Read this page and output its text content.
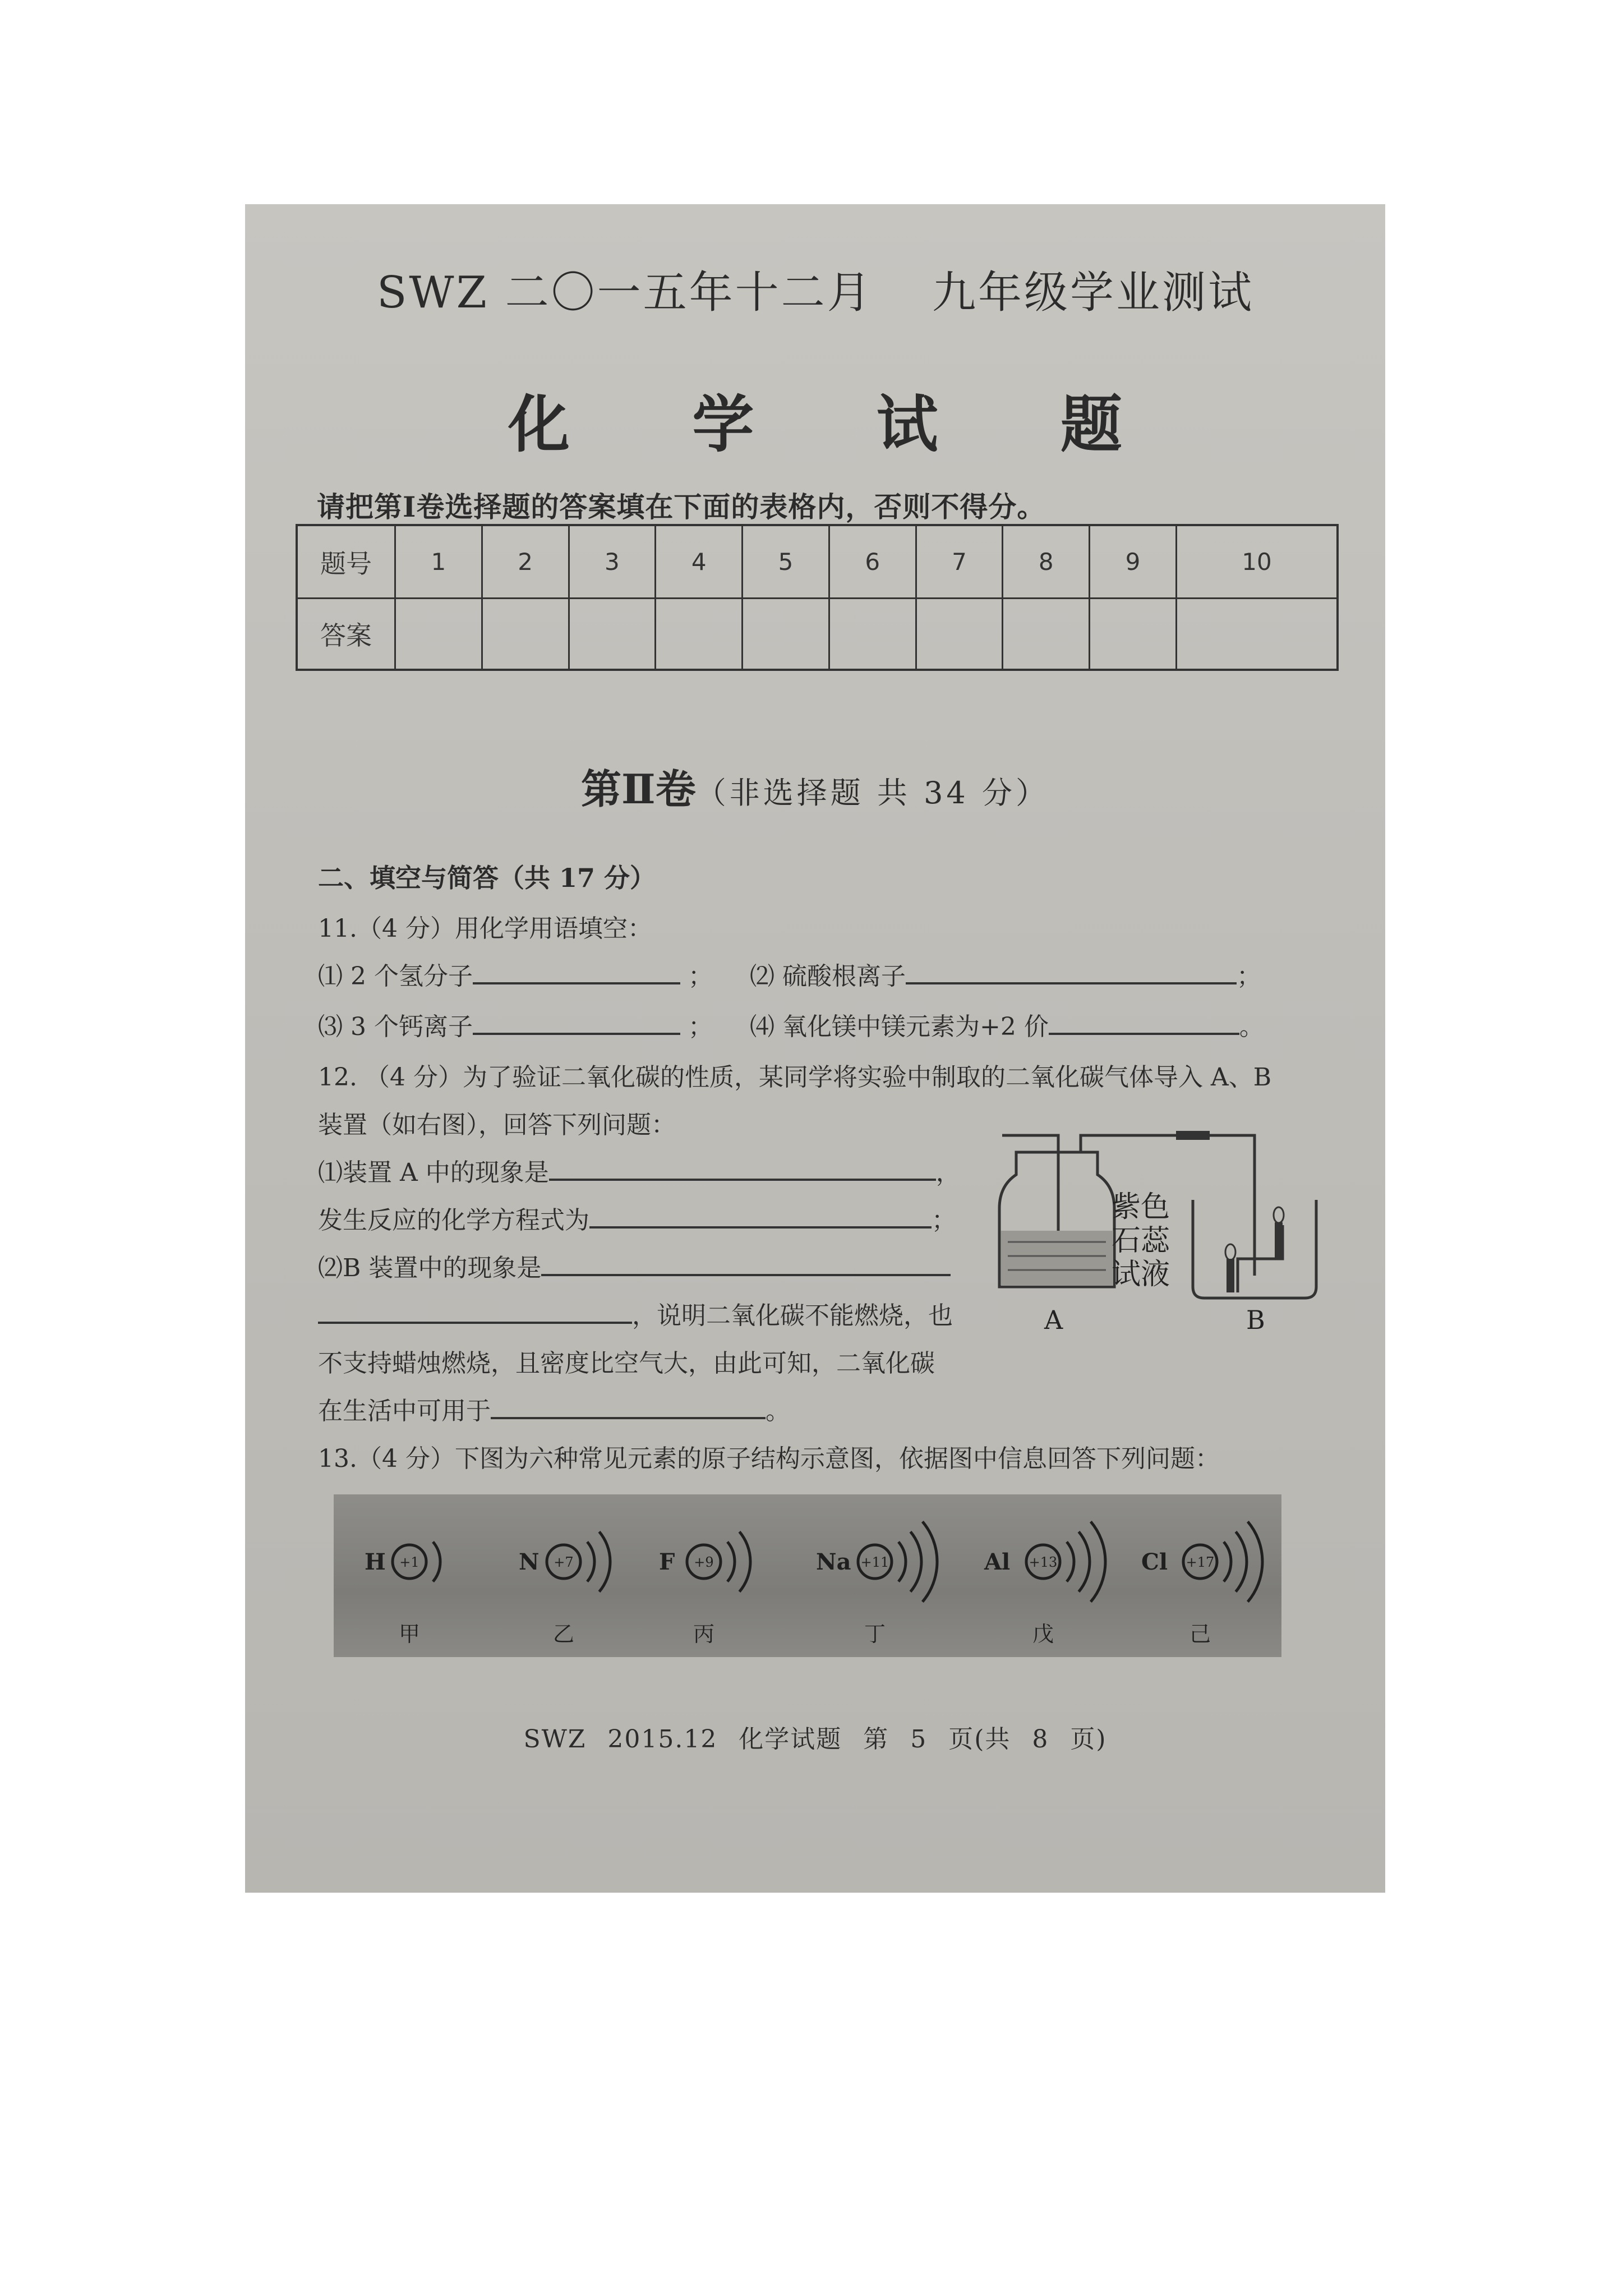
SWZ 二〇一五年十二月 九年级学业测试
化 学 试 题
请把第Ⅰ卷选择题的答案填在下面的表格内，否则不得分。
题号	1	2	3	4	5	6	7	8	9	10
答案										
第Ⅱ卷（非选择题 共 34 分）
二、填空与简答（共 17 分）
11.（4 分）用化学用语填空：
⑴ 2 个氢分子	； ⑵ 硫酸根离子	；
⑶ 3 个钙离子	； ⑷ 氧化镁中镁元素为+2 价	。
12. （4 分）为了验证二氧化碳的性质，某同学将实验中制取的二氧化碳气体导入 A、B
装置（如右图），回答下列问题：
⑴装置 A 中的现象是	，
发生反应的化学方程式为	；
⑵B 装置中的现象是
，说明二氧化碳不能燃烧，也
不支持蜡烛燃烧，且密度比空气大，由此可知，二氧化碳
在生活中可用于	。
紫色
石蕊
试液
A	B
13.（4 分）下图为六种常见元素的原子结构示意图，依据图中信息回答下列问题：
H +1
甲
N +7
乙
F +9
丙
Na +11
丁
Al +13
戊
Cl +17
己
SWZ 2015.12 化学试题 第 5 页(共 8 页)
